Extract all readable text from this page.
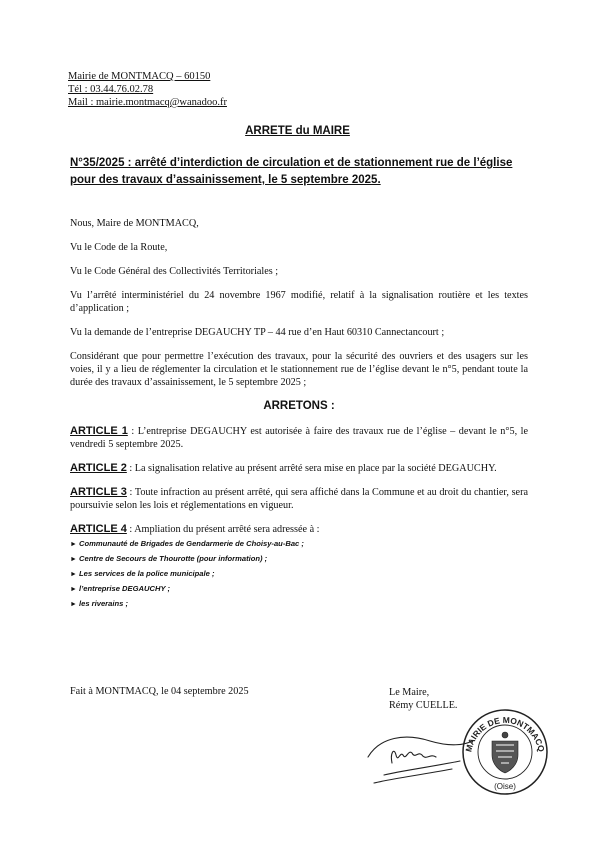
Mairie de MONTMACQ – 60150
Tél : 03.44.76.02.78
Mail : mairie.montmacq@wanadoo.fr
ARRETE du MAIRE
N°35/2025 : arrêté d’interdiction de circulation et de stationnement rue de l’église pour des travaux d’assainissement, le 5 septembre 2025.

Nous, Maire de MONTMACQ,

Vu le Code de la Route,

Vu le Code Général des Collectivités Territoriales ;

Vu l’arrêté interministériel du 24 novembre 1967 modifié, relatif à la signalisation routière et les textes d’application ;

Vu la demande de l’entreprise DEGAUCHY TP – 44 rue d’en Haut 60310 Cannectancourt ;

Considérant que pour permettre l’exécution des travaux, pour la sécurité des ouvriers et des usagers sur les voies, il y a lieu de réglementer la circulation et le stationnement rue de l’église devant le n°5, pendant toute la durée des travaux d’assainissement, le 5 septembre 2025 ;

ARRETONS :

ARTICLE 1 : L’entreprise DEGAUCHY est autorisée à faire des travaux rue de l’église – devant le n°5, le vendredi 5 septembre 2025.

ARTICLE 2 : La signalisation relative au présent arrêté sera mise en place par la société DEGAUCHY.

ARTICLE 3 : Toute infraction au présent arrêté, qui sera affiché dans la Commune et au droit du chantier, sera poursuivie selon les lois et réglementations en vigueur.

ARTICLE 4 : Ampliation du présent arrêté sera adressée à :

► Communauté de Brigades de Gendarmerie de Choisy-au-Bac ;
► Centre de Secours de Thourotte (pour information) ;
► Les services de la police municipale ;
► l’entreprise DEGAUCHY ;
► les riverains ;
Fait à MONTMACQ, le 04 septembre 2025	Le Maire,
Rémy CUELLE.
MAIRIE DE MONTMACQ
(Oise)
